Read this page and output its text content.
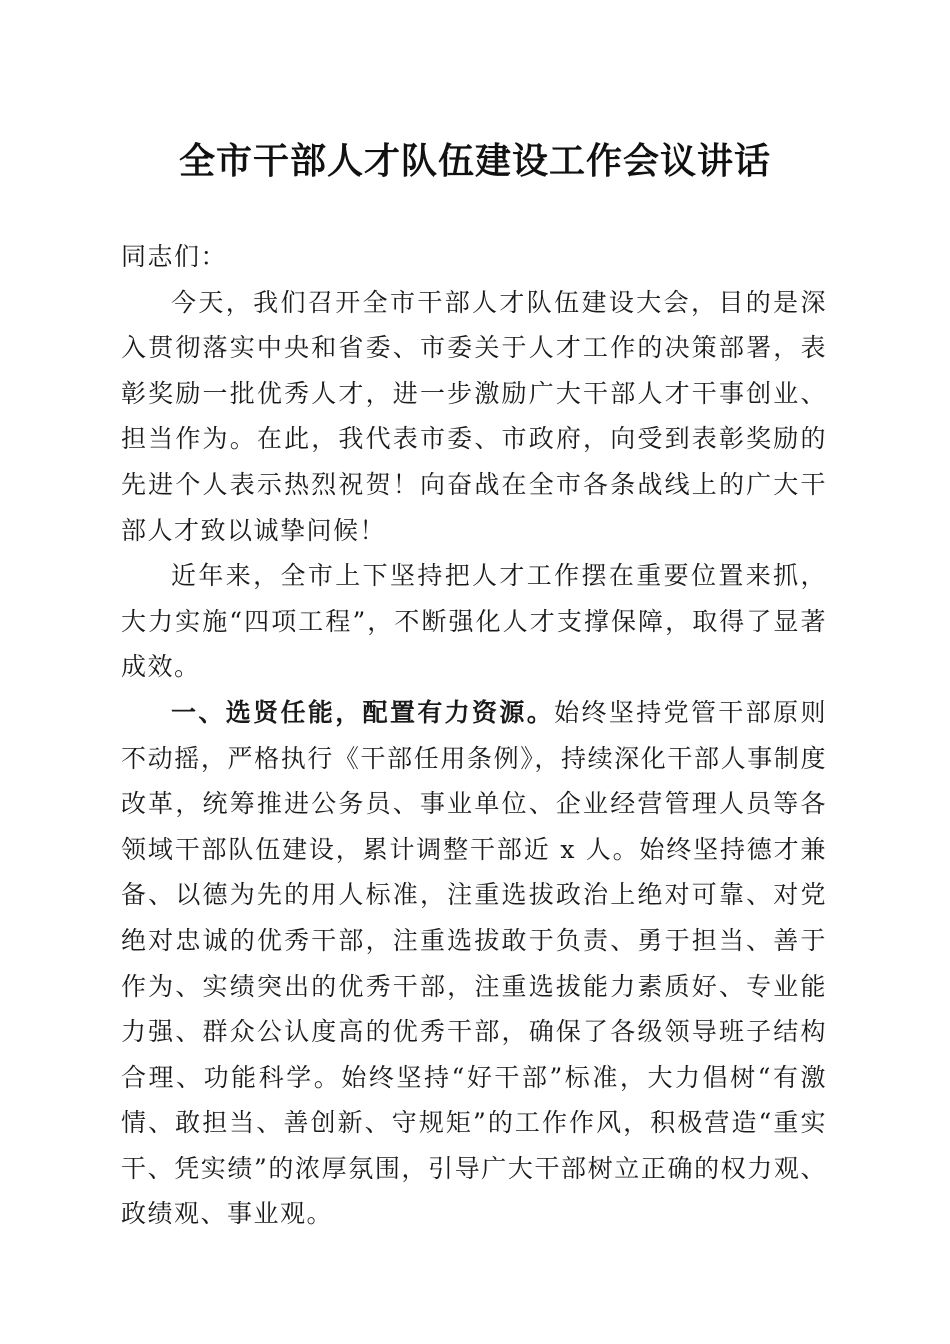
全市干部人才队伍建设工作会议讲话

同志们：

今天，我们召开全市干部人才队伍建设大会，目的是深入贯彻落实中央和省委、市委关于人才工作的决策部署，表彰奖励一批优秀人才，进一步激励广大干部人才干事创业、担当作为。在此，我代表市委、市政府，向受到表彰奖励的先进个人表示热烈祝贺！向奋战在全市各条战线上的广大干部人才致以诚挚问候！

近年来，全市上下坚持把人才工作摆在重要位置来抓，大力实施“四项工程”，不断强化人才支撑保障，取得了显著成效。

一、选贤任能，配置有力资源。始终坚持党管干部原则不动摇，严格执行《干部任用条例》，持续深化干部人事制度改革，统筹推进公务员、事业单位、企业经营管理人员等各领域干部队伍建设，累计调整干部近 x 人。始终坚持德才兼备、以德为先的用人标准，注重选拔政治上绝对可靠、对党绝对忠诚的优秀干部，注重选拔敢于负责、勇于担当、善于作为、实绩突出的优秀干部，注重选拔能力素质好、专业能力强、群众公认度高的优秀干部，确保了各级领导班子结构合理、功能科学。始终坚持“好干部”标准，大力倡树“有激情、敢担当、善创新、守规矩”的工作作风，积极营造“重实干、凭实绩”的浓厚氛围，引导广大干部树立正确的权力观、政绩观、事业观。
